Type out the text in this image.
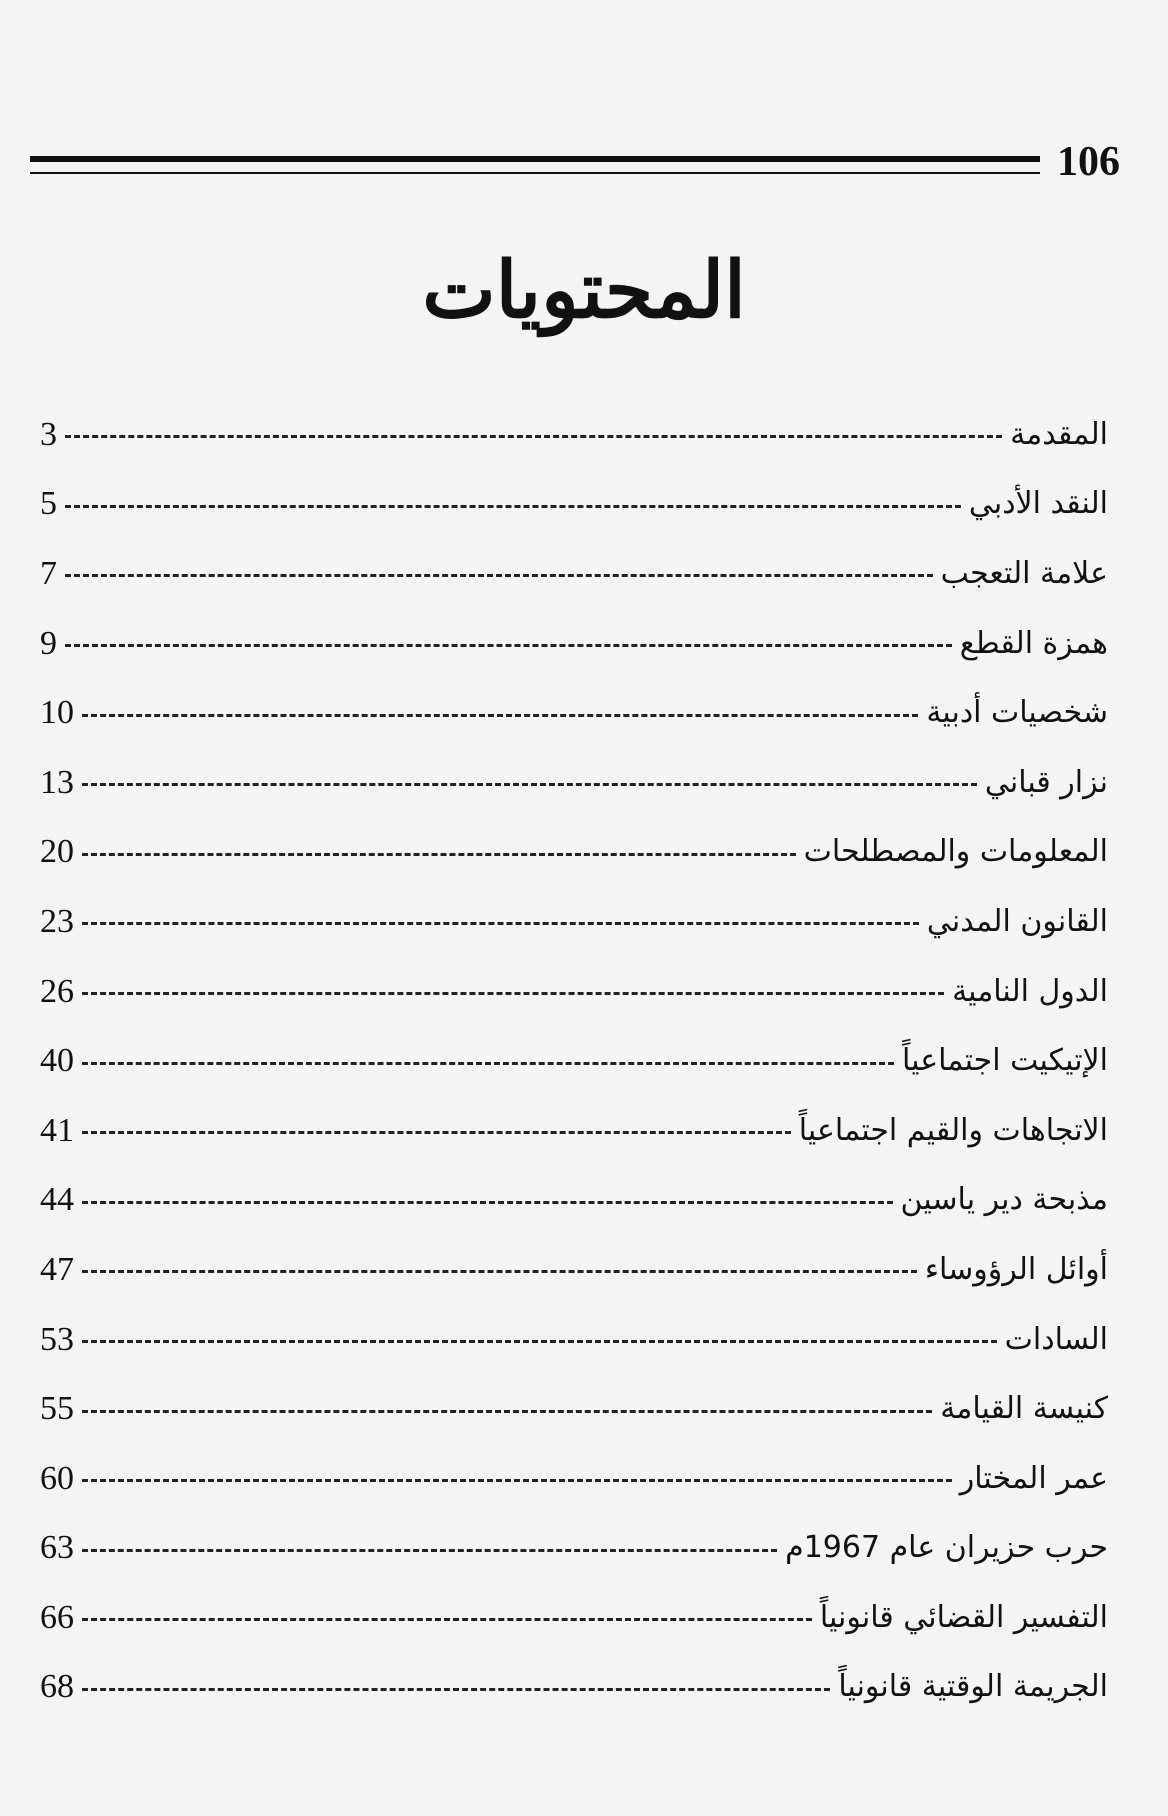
106
المحتويات
المقدمة
3
النقد الأدبي
5
علامة التعجب
7
همزة القطع
9
شخصيات أدبية
10
نزار قباني
13
المعلومات والمصطلحات
20
القانون المدني
23
الدول النامية
26
الإتيكيت اجتماعياً
40
الاتجاهات والقيم اجتماعياً
41
مذبحة دير ياسين
44
أوائل الرؤوساء
47
السادات
53
كنيسة القيامة
55
عمر المختار
60
حرب حزيران عام 1967م
63
التفسير القضائي قانونياً
66
الجريمة الوقتية قانونياً
68
